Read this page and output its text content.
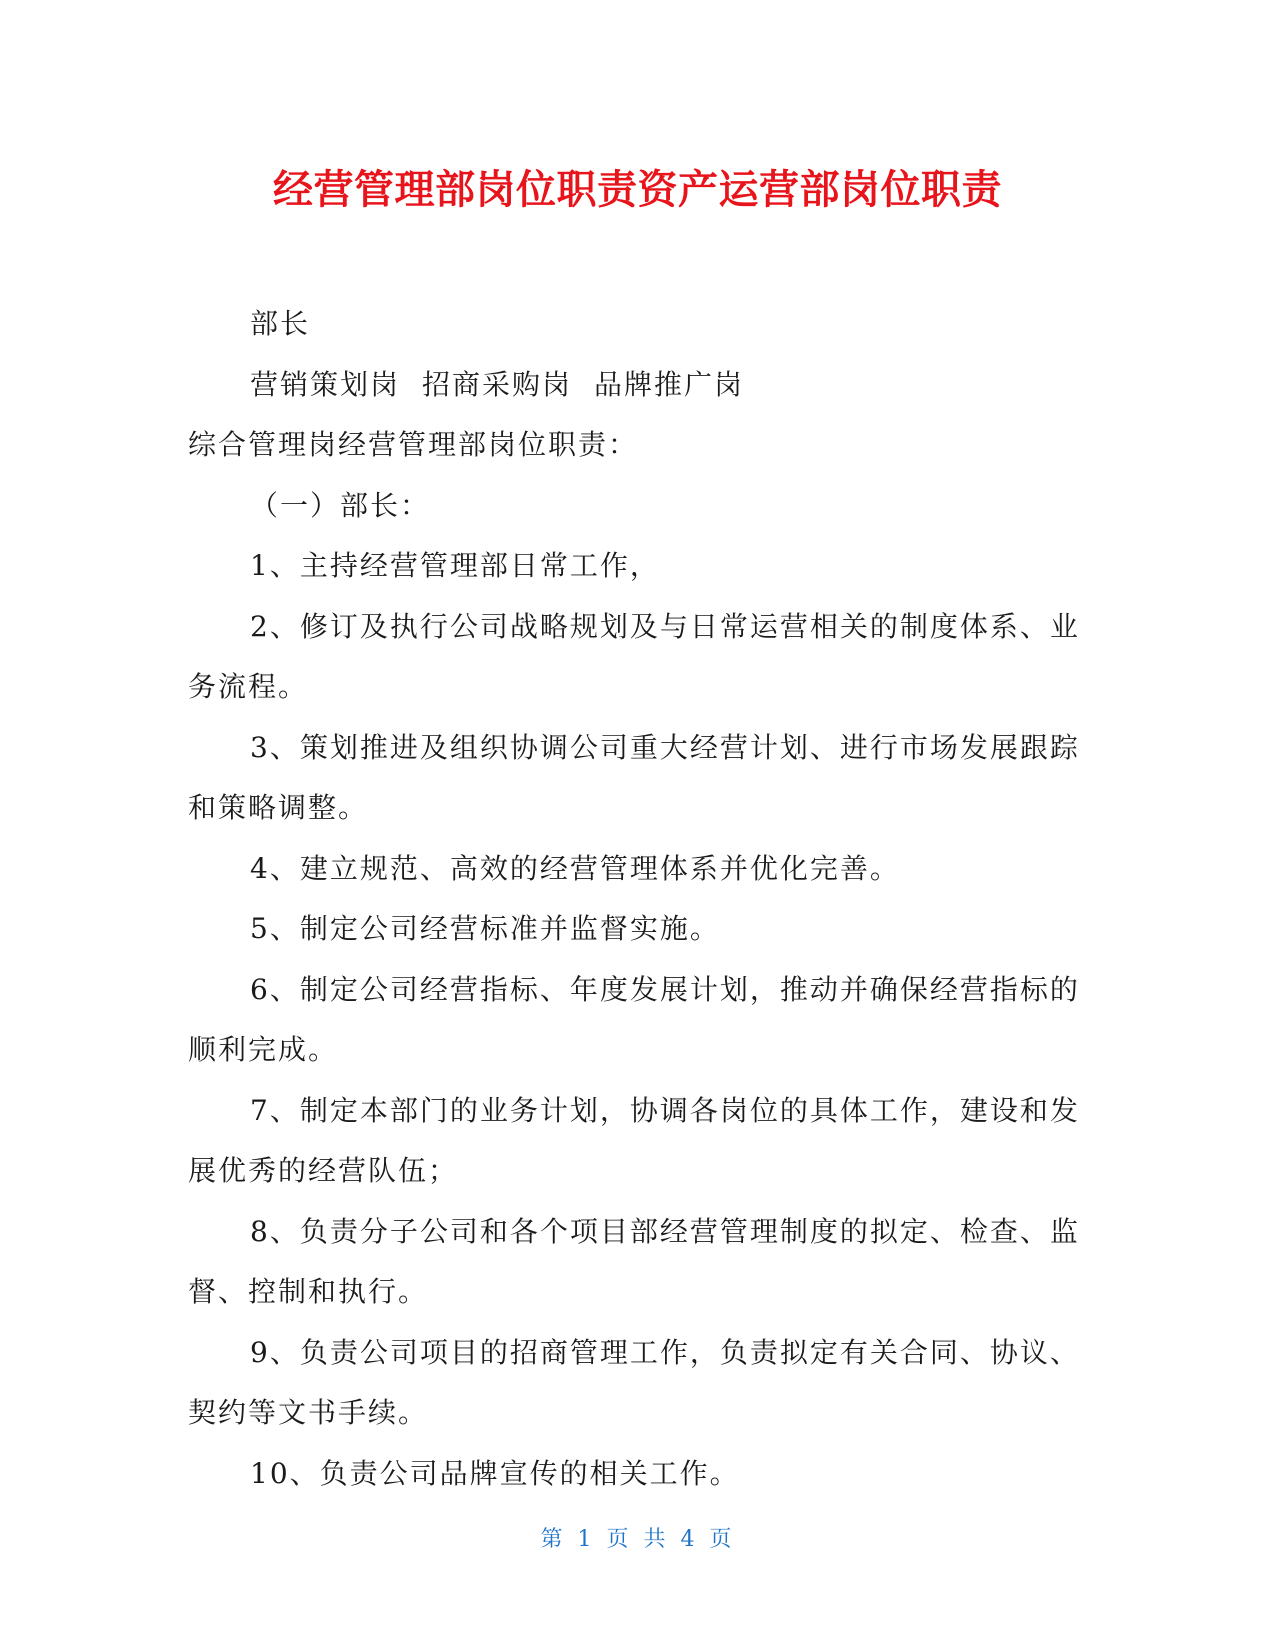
经营管理部岗位职责资产运营部岗位职责

部长

营销策划岗 招商采购岗 品牌推广岗

综合管理岗经营管理部岗位职责：

（一）部长：

1、主持经营管理部日常工作，

2、修订及执行公司战略规划及与日常运营相关的制度体系、业务流程。

3、策划推进及组织协调公司重大经营计划、进行市场发展跟踪和策略调整。

4、建立规范、高效的经营管理体系并优化完善。

5、制定公司经营标准并监督实施。

6、制定公司经营指标、年度发展计划，推动并确保经营指标的顺利完成。

7、制定本部门的业务计划，协调各岗位的具体工作，建设和发展优秀的经营队伍；

8、负责分子公司和各个项目部经营管理制度的拟定、检查、监督、控制和执行。

9、负责公司项目的招商管理工作，负责拟定有关合同、协议、契约等文书手续。

10、负责公司品牌宣传的相关工作。

第 1 页 共 4 页
